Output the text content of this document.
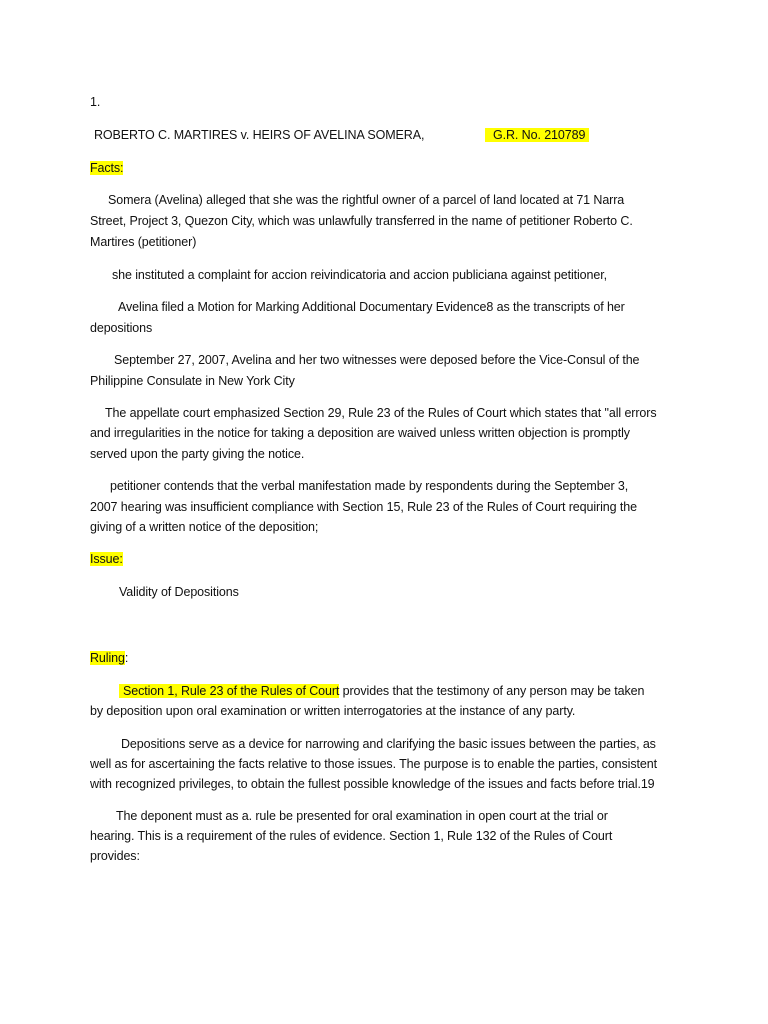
1.
ROBERTO C. MARTIRES v. HEIRS OF AVELINA SOMERA,	G.R. No. 210789
Facts:
Somera (Avelina) alleged that she was the rightful owner of a parcel of land located at 71 Narra
Street, Project 3, Quezon City, which was unlawfully transferred in the name of petitioner Roberto C.
Martires (petitioner)
she instituted a complaint for accion reivindicatoria and accion publiciana against petitioner,
Avelina filed a Motion for Marking Additional Documentary Evidence8 as the transcripts of her
depositions
September 27, 2007, Avelina and her two witnesses were deposed before the Vice-Consul of the
Philippine Consulate in New York City
The appellate court emphasized Section 29, Rule 23 of the Rules of Court which states that "all errors
and irregularities in the notice for taking a deposition are waived unless written objection is promptly
served upon the party giving the notice.
petitioner contends that the verbal manifestation made by respondents during the September 3,
2007 hearing was insufficient compliance with Section 15, Rule 23 of the Rules of Court requiring the
giving of a written notice of the deposition;
Issue:
Validity of Depositions
Ruling:
Section 1, Rule 23 of the Rules of Court provides that the testimony of any person may be taken
by deposition upon oral examination or written interrogatories at the instance of any party.
Depositions serve as a device for narrowing and clarifying the basic issues between the parties, as
well as for ascertaining the facts relative to those issues. The purpose is to enable the parties, consistent
with recognized privileges, to obtain the fullest possible knowledge of the issues and facts before trial.19
The deponent must as a. rule be presented for oral examination in open court at the trial or
hearing. This is a requirement of the rules of evidence. Section 1, Rule 132 of the Rules of Court
provides:
